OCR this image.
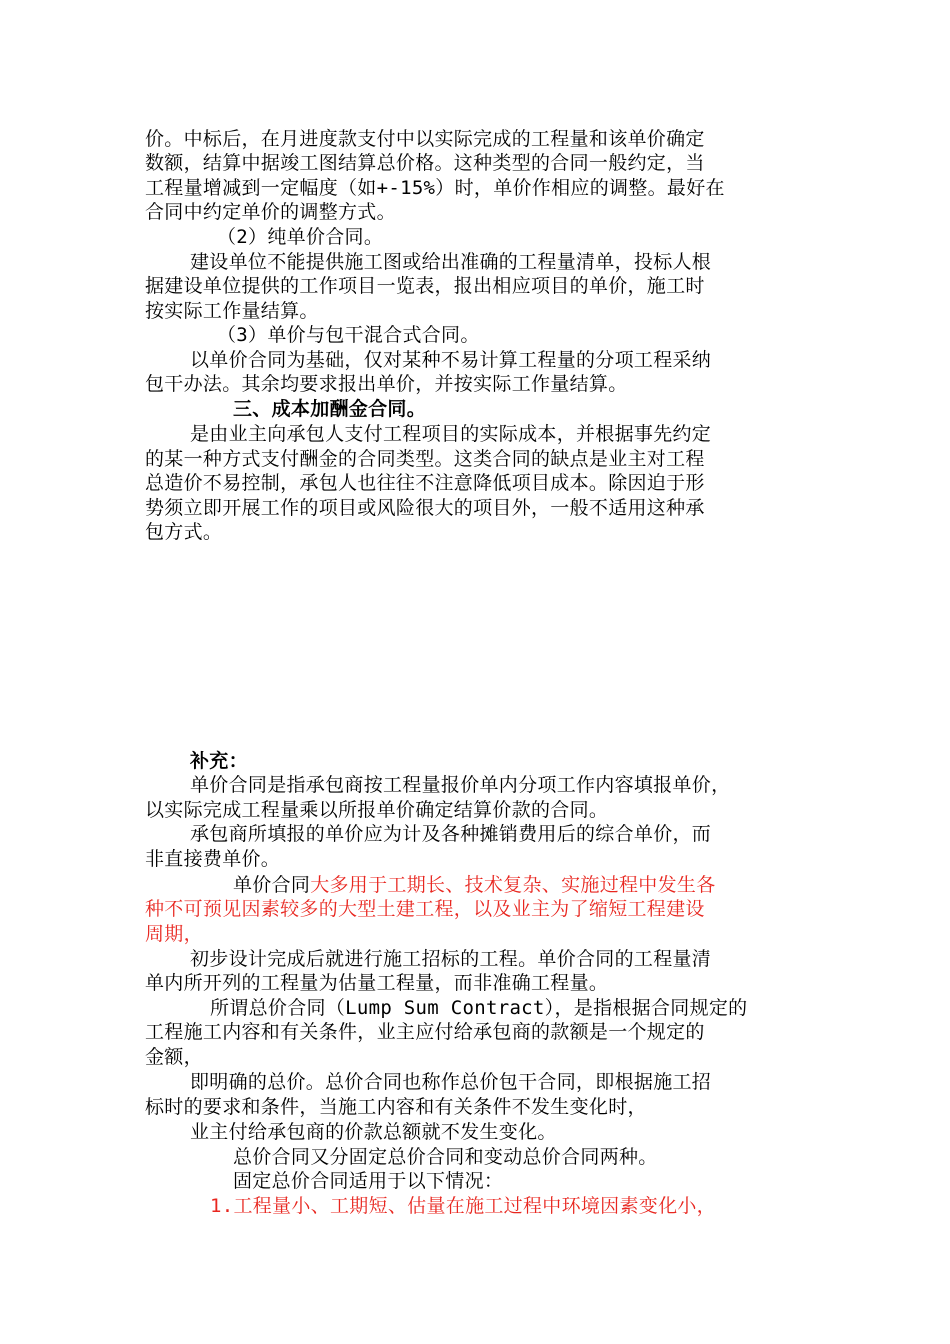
价。中标后，在月进度款支付中以实际完成的工程量和该单价确定
数额，结算中据竣工图结算总价格。这种类型的合同一般约定，当
工程量增减到一定幅度（如+-15%）时，单价作相应的调整。最好在
合同中约定单价的调整方式。
（2）纯单价合同。
建设单位不能提供施工图或给出准确的工程量清单，投标人根
据建设单位提供的工作项目一览表，报出相应项目的单价，施工时
按实际工作量结算。
（3）单价与包干混合式合同。
以单价合同为基础，仅对某种不易计算工程量的分项工程采纳
包干办法。其余均要求报出单价，并按实际工作量结算。
三、成本加酬金合同。
是由业主向承包人支付工程项目的实际成本，并根据事先约定
的某一种方式支付酬金的合同类型。这类合同的缺点是业主对工程
总造价不易控制，承包人也往往不注意降低项目成本。除因迫于形
势须立即开展工作的项目或风险很大的项目外，一般不适用这种承
包方式。
补充：
单价合同是指承包商按工程量报价单内分项工作内容填报单价，
以实际完成工程量乘以所报单价确定结算价款的合同。
承包商所填报的单价应为计及各种摊销费用后的综合单价，而
非直接费单价。
单价合同大多用于工期长、技术复杂、实施过程中发生各
种不可预见因素较多的大型土建工程，以及业主为了缩短工程建设
周期，
初步设计完成后就进行施工招标的工程。单价合同的工程量清
单内所开列的工程量为估量工程量，而非准确工程量。
所谓总价合同（Lump Sum Contract），是指根据合同规定的
工程施工内容和有关条件，业主应付给承包商的款额是一个规定的
金额，
即明确的总价。总价合同也称作总价包干合同，即根据施工招
标时的要求和条件，当施工内容和有关条件不发生变化时，
业主付给承包商的价款总额就不发生变化。
总价合同又分固定总价合同和变动总价合同两种。
固定总价合同适用于以下情况：
1.工程量小、工期短、估量在施工过程中环境因素变化小，
